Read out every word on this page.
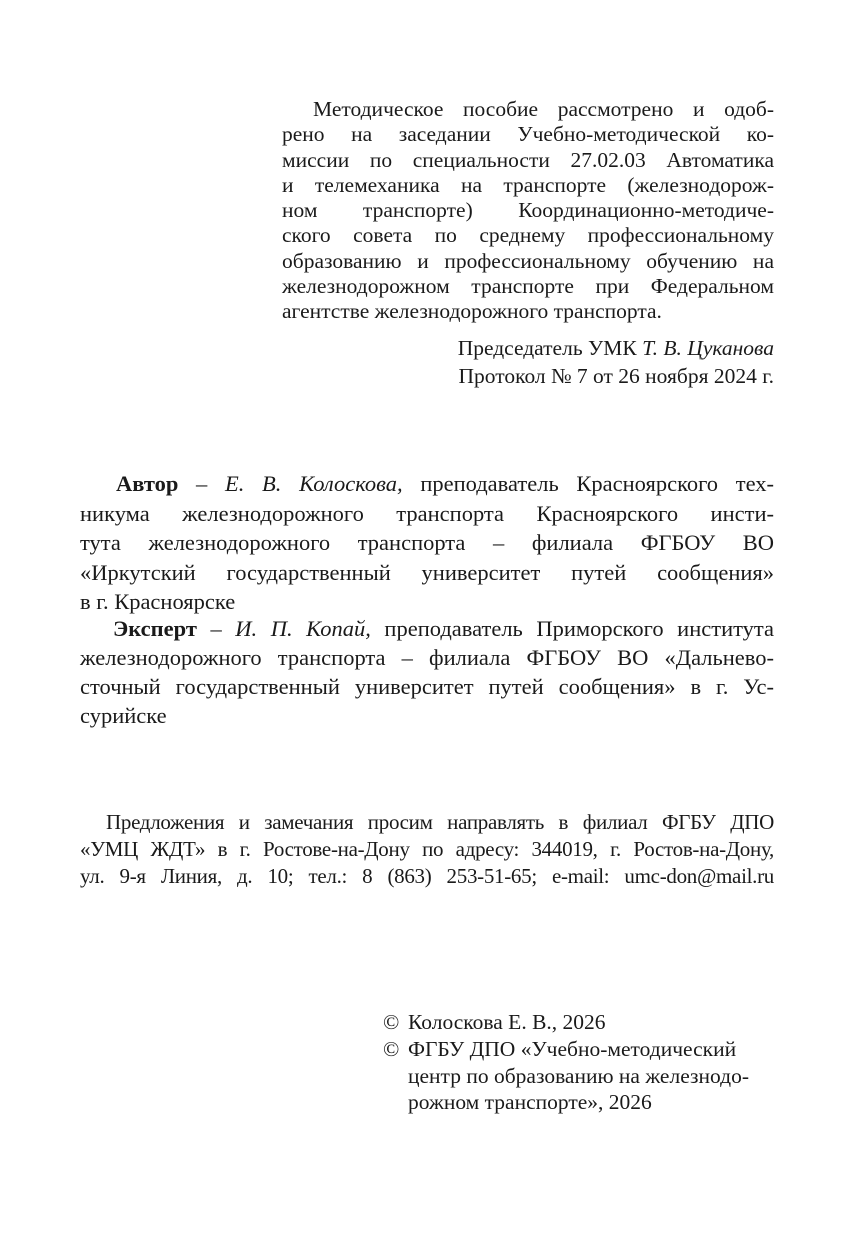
Методическое пособие рассмотрено и одоб-
рено на заседании Учебно-методической ко-
миссии по специальности 27.02.03 Автоматика
и телемеханика на транспорте (железнодорож-
ном транспорте) Координационно-методиче-
ского совета по среднему профессиональному
образованию и профессиональному обучению на
железнодорожном транспорте при Федеральном
агентстве железнодорожного транспорта.
Председатель УМК Т. В. Цуканова
Протокол № 7 от 26 ноября 2024 г.
Автор – Е. В. Колоскова, преподаватель Красноярского тех-
никума железнодорожного транспорта Красноярского инсти-
тута железнодорожного транспорта – филиала ФГБОУ ВО
«Иркутский государственный университет путей сообщения»
в г. Красноярске
Эксперт – И. П. Копай, преподаватель Приморского института
железнодорожного транспорта – филиала ФГБОУ ВО «Дальнево-
сточный государственный университет путей сообщения» в г. Ус-
сурийске
Предложения и замечания просим направлять в филиал ФГБУ ДПО
«УМЦ ЖДТ» в г. Ростове-на-Дону по адресу: 344019, г. Ростов-на-Дону,
ул. 9-я Линия, д. 10; тел.: 8 (863) 253-51-65; e-mail: umc-don@mail.ru
© Колоскова Е. В., 2026
© ФГБУ ДПО «Учебно-методический
центр по образованию на железнодо-
рожном транспорте», 2026
